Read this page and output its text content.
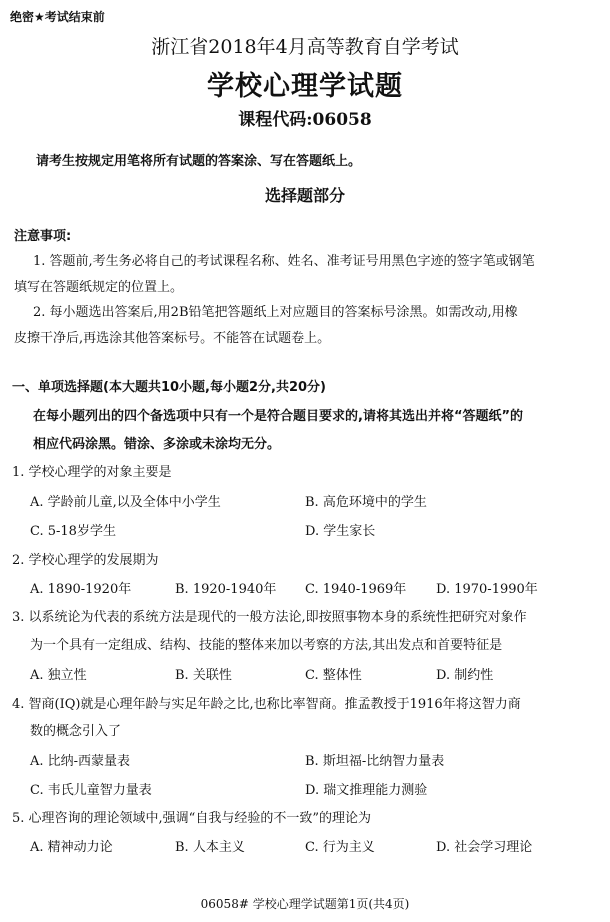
绝密★考试结束前
浙江省2018年4月高等教育自学考试
学校心理学试题
课程代码:06058
请考生按规定用笔将所有试题的答案涂、写在答题纸上。
选择题部分
注意事项:
1. 答题前,考生务必将自己的考试课程名称、姓名、准考证号用黑色字迹的签字笔或钢笔
填写在答题纸规定的位置上。
2. 每小题选出答案后,用2B铅笔把答题纸上对应题目的答案标号涂黑。如需改动,用橡
皮擦干净后,再选涂其他答案标号。不能答在试题卷上。
一、单项选择题(本大题共10小题,每小题2分,共20分)
在每小题列出的四个备选项中只有一个是符合题目要求的,请将其选出并将“答题纸”的
相应代码涂黑。错涂、多涂或未涂均无分。
1. 学校心理学的对象主要是
A. 学龄前儿童,以及全体中小学生	B. 高危环境中的学生
C. 5-18岁学生	D. 学生家长
2. 学校心理学的发展期为
A. 1890-1920年	B. 1920-1940年 C. 1940-1969年 D. 1970-1990年
3. 以系统论为代表的系统方法是现代的一般方法论,即按照事物本身的系统性把研究对象作
为一个具有一定组成、结构、技能的整体来加以考察的方法,其出发点和首要特征是
A. 独立性	B. 关联性	C. 整体性	D. 制约性
4. 智商(IQ)就是心理年龄与实足年龄之比,也称比率智商。推孟教授于1916年将这智力商
数的概念引入了
A. 比纳-西蒙量表	B. 斯坦福-比纳智力量表
C. 韦氏儿童智力量表	D. 瑞文推理能力测验
5. 心理咨询的理论领域中,强调“自我与经验的不一致”的理论为
A. 精神动力论	B. 人本主义	C. 行为主义	D. 社会学习理论
06058# 学校心理学试题第1页(共4页)
